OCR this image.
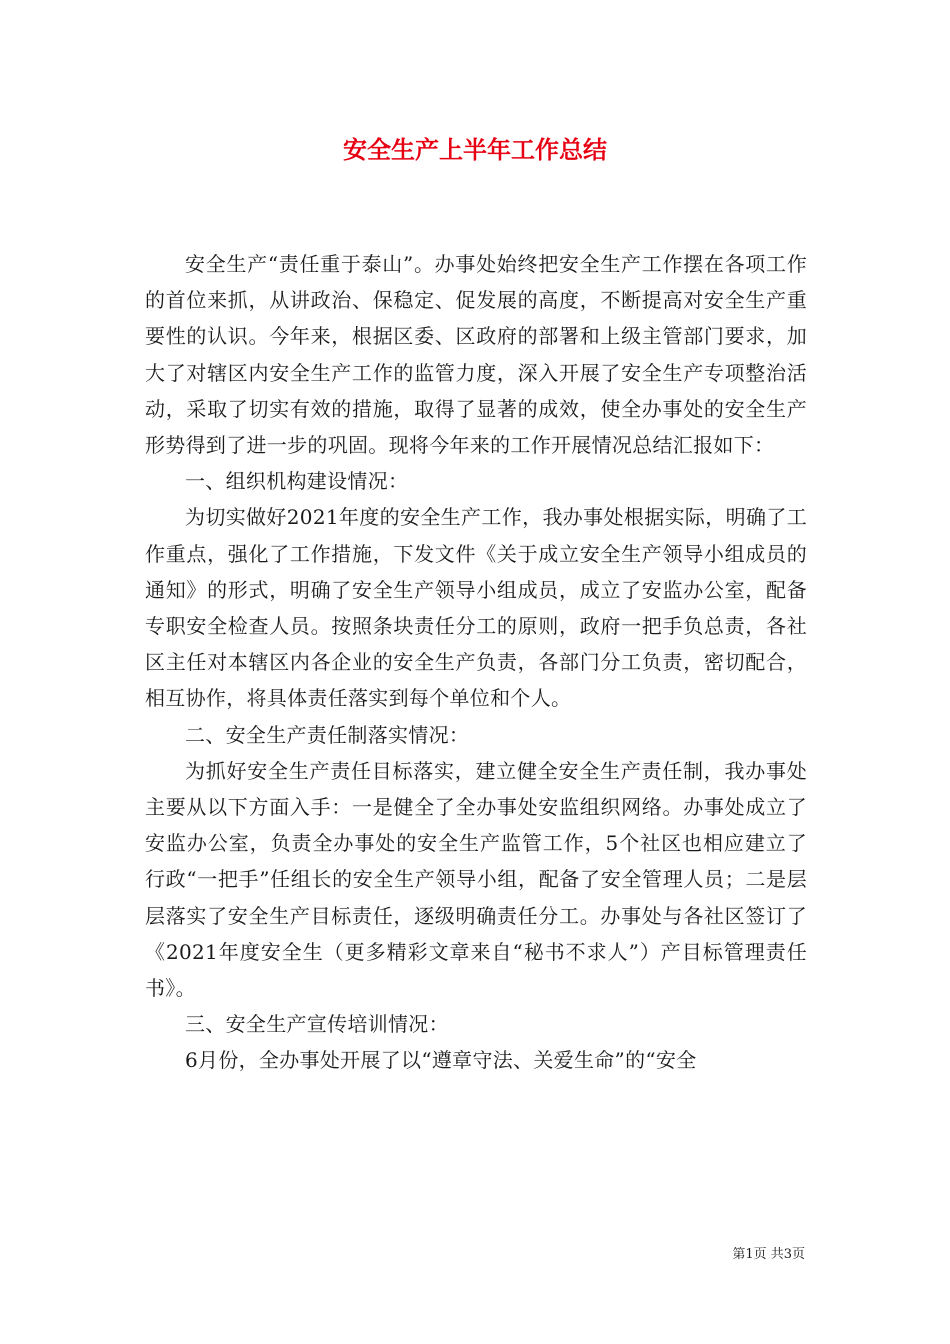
安全生产上半年工作总结

安全生产“责任重于泰山”。办事处始终把安全生产工作摆在各项工作的首位来抓，从讲政治、保稳定、促发展的高度，不断提高对安全生产重要性的认识。今年来，根据区委、区政府的部署和上级主管部门要求，加大了对辖区内安全生产工作的监管力度，深入开展了安全生产专项整治活动，采取了切实有效的措施，取得了显著的成效，使全办事处的安全生产形势得到了进一步的巩固。现将今年来的工作开展情况总结汇报如下：

一、组织机构建设情况：

为切实做好2021年度的安全生产工作，我办事处根据实际，明确了工作重点，强化了工作措施，下发文件《关于成立安全生产领导小组成员的通知》的形式，明确了安全生产领导小组成员，成立了安监办公室，配备专职安全检查人员。按照条块责任分工的原则，政府一把手负总责，各社区主任对本辖区内各企业的安全生产负责，各部门分工负责，密切配合，相互协作，将具体责任落实到每个单位和个人。

二、安全生产责任制落实情况：

为抓好安全生产责任目标落实，建立健全安全生产责任制，我办事处主要从以下方面入手：一是健全了全办事处安监组织网络。办事处成立了安监办公室，负责全办事处的安全生产监管工作，5个社区也相应建立了行政“一把手”任组长的安全生产领导小组，配备了安全管理人员；二是层层落实了安全生产目标责任，逐级明确责任分工。办事处与各社区签订了《2021年度安全生（更多精彩文章来自“秘书不求人”）产目标管理责任书》。

三、安全生产宣传培训情况：

6月份，全办事处开展了以“遵章守法、关爱生命”的“安全

第1页 共3页
